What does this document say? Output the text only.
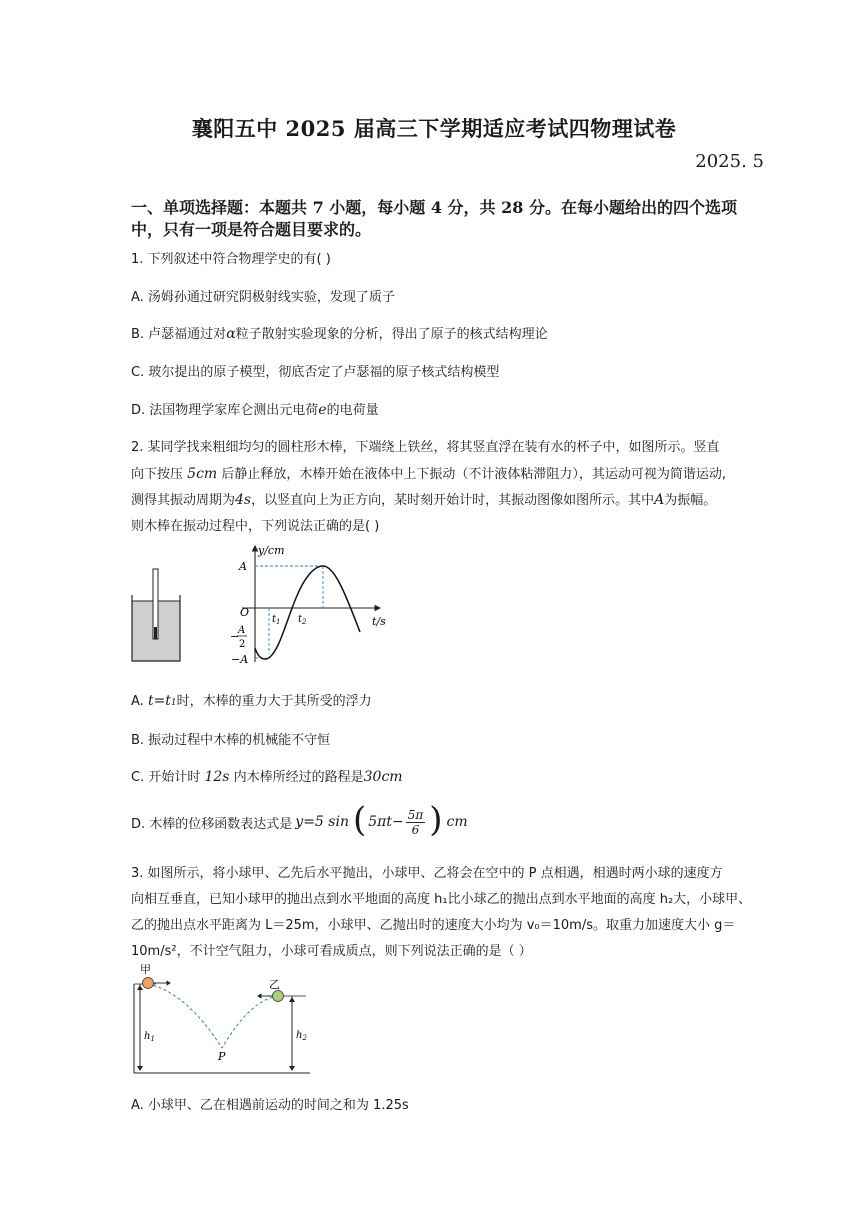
襄阳五中 2025 届高三下学期适应考试四物理试卷
2025. 5
一、单项选择题：本题共 7 小题，每小题 4 分，共 28 分。在每小题给出的四个选项中，只有一项是符合题目要求的。
1. 下列叙述中符合物理学史的有( )
A. 汤姆孙通过研究阴极射线实验，发现了质子
B. 卢瑟福通过对α粒子散射实验现象的分析，得出了原子的核式结构理论
C. 玻尔提出的原子模型，彻底否定了卢瑟福的原子核式结构模型
D. 法国物理学家库仑测出元电荷e的电荷量
2. 某同学找来粗细均匀的圆柱形木棒，下端绕上铁丝，将其竖直浮在装有水的杯子中，如图所示。竖直
向下按压 5cm 后静止释放，木棒开始在液体中上下振动（不计液体粘滞阻力），其运动可视为简谐运动,
测得其振动周期为4s，以竖直向上为正方向，某时刻开始计时，其振动图像如图所示。其中A为振幅。
则木棒在振动过程中，下列说法正确的是( )
y/cm
t/s
O
A
−A
−
A
2
$t_1$ $t_2$
A. t=t1时，木棒的重力大于其所受的浮力
B. 振动过程中木棒的机械能不守恒
C. 开始计时 12s 内木棒所经过的路程是30cm
D. 木棒的位移函数表达式是 y=5 sin ( $5\pi t- \frac{5\pi}{6}$ ) cm
3. 如图所示，将小球甲、乙先后水平抛出，小球甲、乙将会在空中的 P 点相遇，相遇时两小球的速度方
向相互垂直，已知小球甲的抛出点到水平地面的高度 h₁比小球乙的抛出点到水平地面的高度 h₂大，小球甲、
乙的抛出点水平距离为 L＝25m，小球甲、乙抛出时的速度大小均为 v₀＝10m/s。取重力加速度大小 g＝
10m/s²，不计空气阻力，小球可看成质点，则下列说法正确的是（ ）
甲
乙
$h_1$	$h_2$
P
A. 小球甲、乙在相遇前运动的时间之和为 1.25s
